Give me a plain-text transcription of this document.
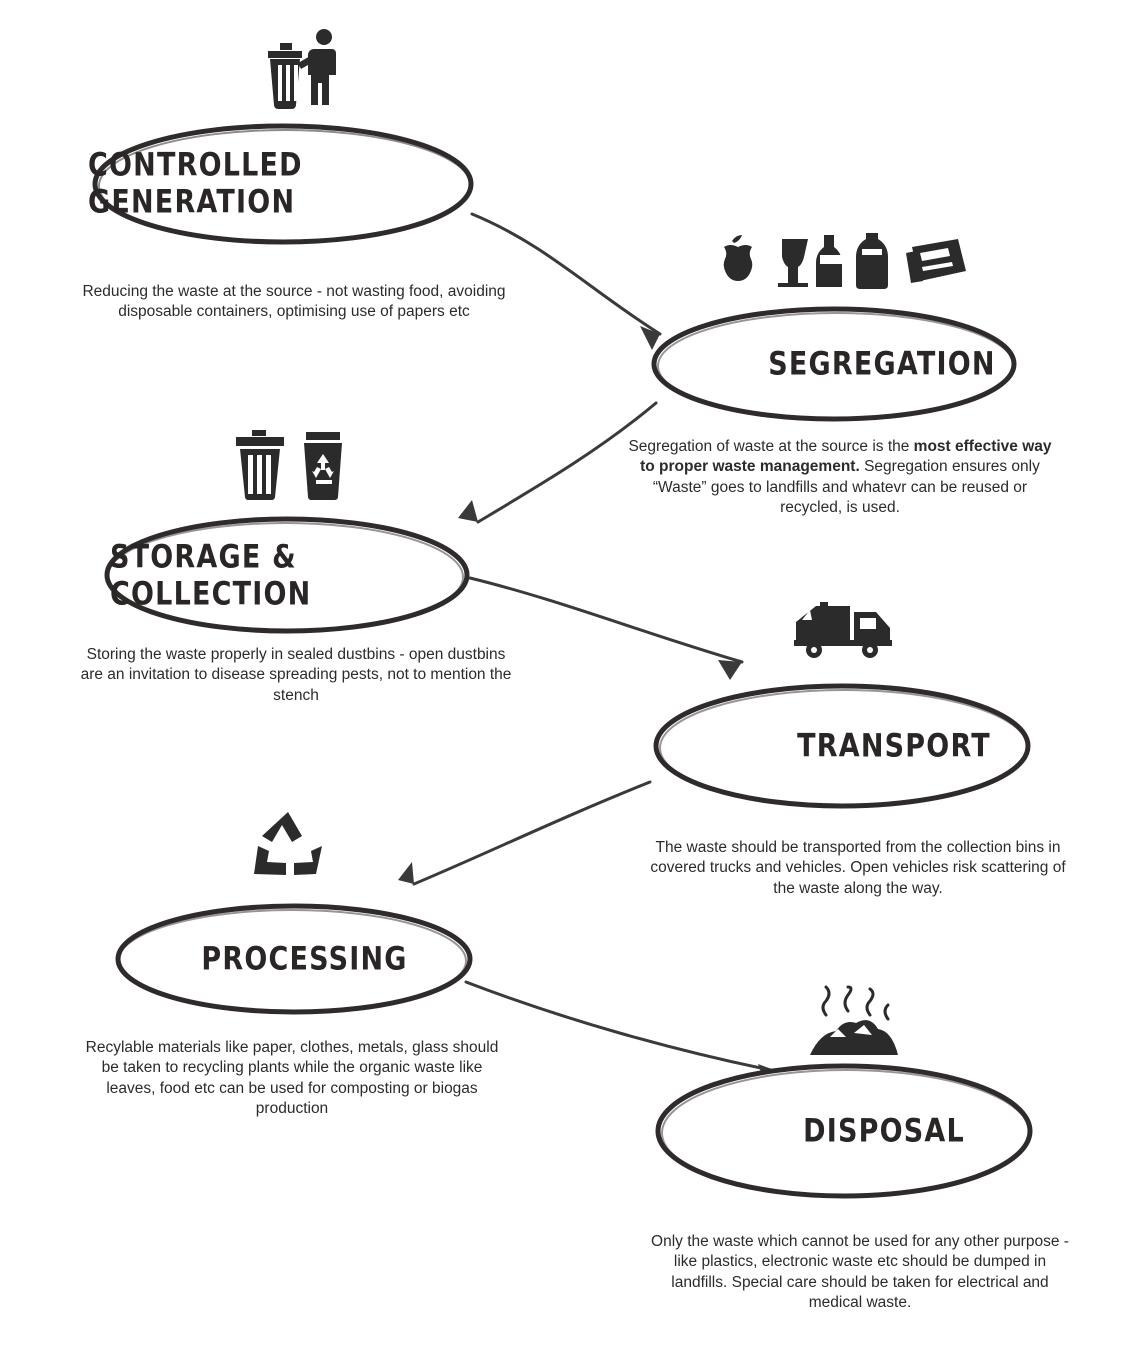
CONTROLLED GENERATION
Reducing the waste at the source - not wasting food, avoiding disposable containers, optimising use of papers etc
SEGREGATION
Segregation of waste at the source is the most effective way to proper waste management. Segregation ensures only “Waste” goes to landfills and whatevr can be reused or recycled, is used.
STORAGE & COLLECTION
Storing the waste properly in sealed dustbins - open dustbins are an invitation to disease spreading pests, not to mention the stench
TRANSPORT
The waste should be transported from the collection bins in covered trucks and vehicles. Open vehicles risk scattering of the waste along the way.
PROCESSING
Recylable materials like paper, clothes, metals, glass should be taken to recycling plants while the organic waste like leaves, food etc can be used for composting or biogas production
DISPOSAL
Only the waste which cannot be used for any other purpose - like plastics, electronic waste etc should be dumped in landfills. Special care should be taken for electrical and medical waste.
